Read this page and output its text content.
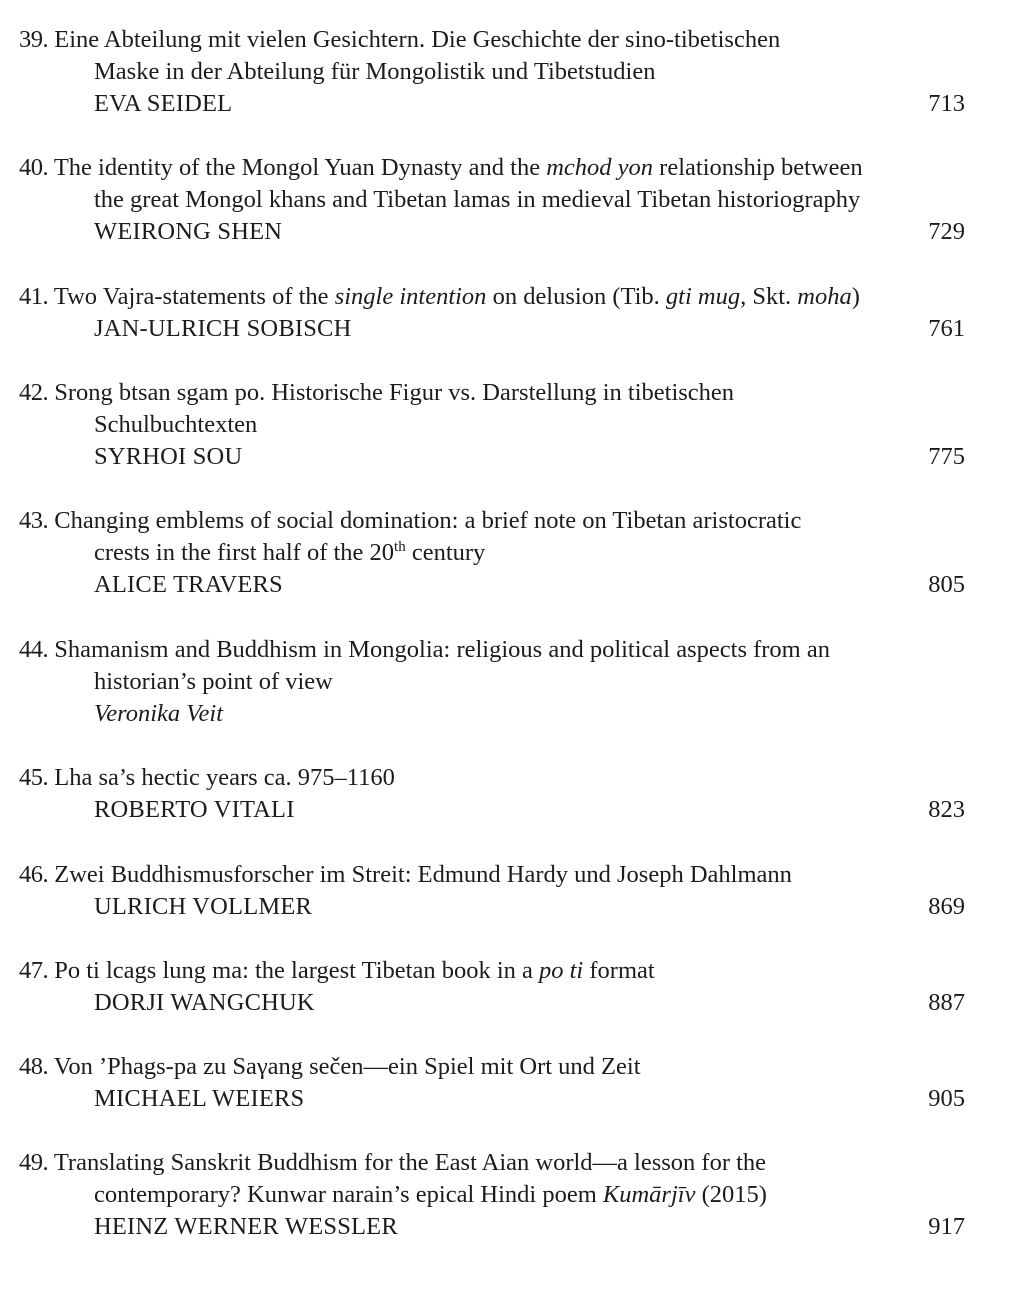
39. Eine Abteilung mit vielen Gesichtern. Die Geschichte der sino-tibetischen
Maske in der Abteilung für Mongolistik und Tibetstudien
EVA SEIDEL	713
40. The identity of the Mongol Yuan Dynasty and the mchod yon relationship between
the great Mongol khans and Tibetan lamas in medieval Tibetan historiography
WEIRONG SHEN	729
41. Two Vajra-statements of the single intention on delusion (Tib. gti mug, Skt. moha)
JAN-ULRICH SOBISCH	761
42. Srong btsan sgam po. Historische Figur vs. Darstellung in tibetischen
Schulbuchtexten
SYRHOI SOU	775
43. Changing emblems of social domination: a brief note on Tibetan aristocratic
crests in the first half of the 20th century
ALICE TRAVERS	805
44. Shamanism and Buddhism in Mongolia: religious and political aspects from an
historian’s point of view
Veronika Veit
45. Lha sa’s hectic years ca. 975–1160
ROBERTO VITALI	823
46. Zwei Buddhismusforscher im Streit: Edmund Hardy und Joseph Dahlmann
ULRICH VOLLMER	869
47. Po ti lcags lung ma: the largest Tibetan book in a po ti format
DORJI WANGCHUK	887
48. Von ’Phags-pa zu Saγang sečen—ein Spiel mit Ort und Zeit
MICHAEL WEIERS	905
49. Translating Sanskrit Buddhism for the East Aian world—a lesson for the
contemporary? Kunwar narain’s epical Hindi poem Kumārjīv (2015)
HEINZ WERNER WESSLER	917
